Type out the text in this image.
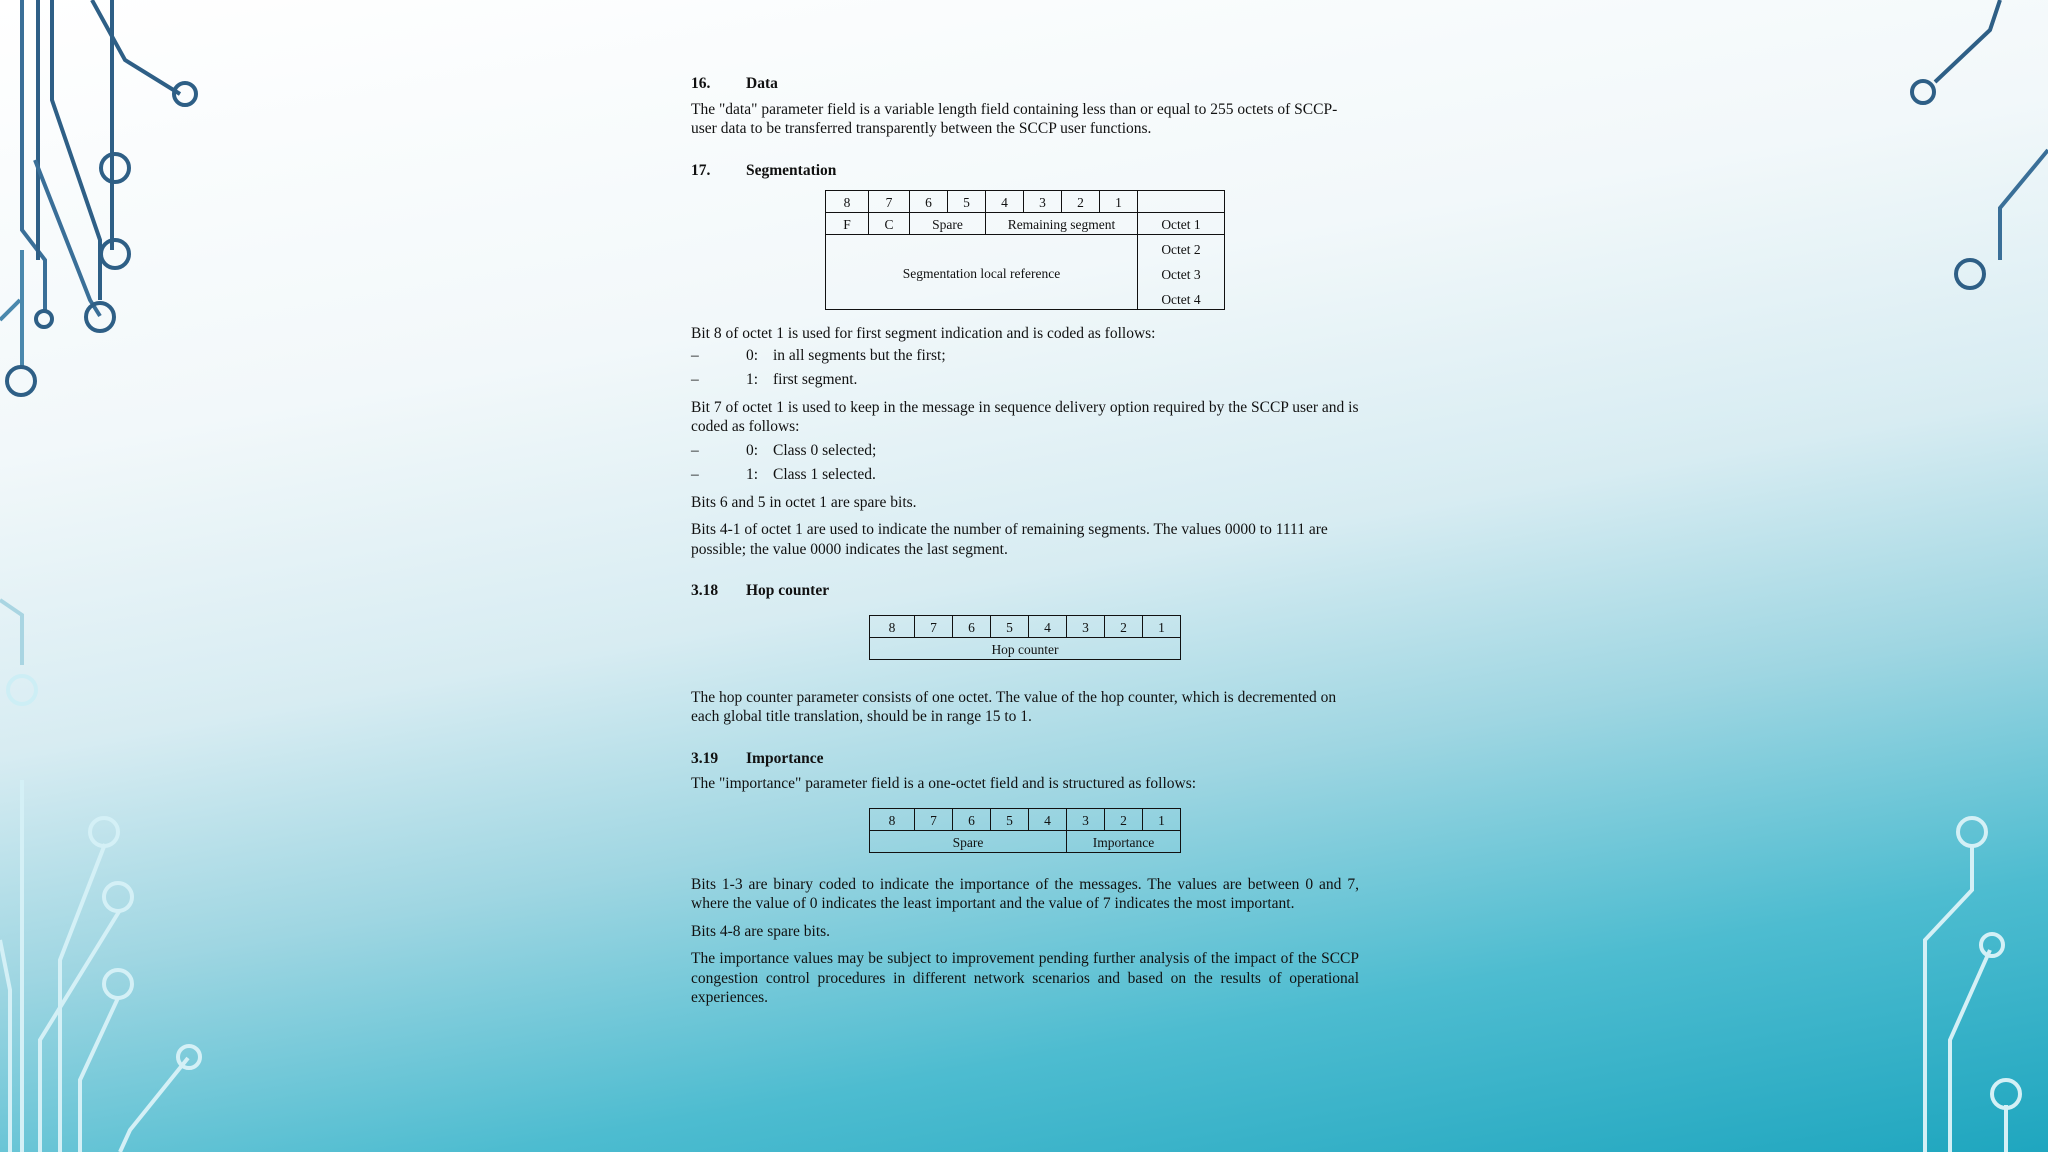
16.	Data

The "data" parameter field is a variable length field containing less than or equal to 255 octets of SCCP-user data to be transferred transparently between the SCCP user functions.

17.	Segmentation
8	7	6	5	4	3	2	1	
F	C	Spare		Remaining segment				Octet 1
Segmentation local reference								Octet 2
								Octet 3
								Octet 4

Bit 8 of octet 1 is used for first segment indication and is coded as follows:

–	0: in all segments but the first;
–	1: first segment.

Bit 7 of octet 1 is used to keep in the message in sequence delivery option required by the SCCP user and is coded as follows:

–	0: Class 0 selected;
–	1: Class 1 selected.

Bits 6 and 5 in octet 1 are spare bits.

Bits 4-1 of octet 1 are used to indicate the number of remaining segments. The values 0000 to 1111 are possible; the value 0000 indicates the last segment.

3.18	Hop counter
8	7	6	5	4	3	2	1
Hop counter

The hop counter parameter consists of one octet. The value of the hop counter, which is decremented on each global title translation, should be in range 15 to 1.

3.19	Importance

The "importance" parameter field is a one-octet field and is structured as follows:

8	7	6	5	4	3	2	1
Spare					Importance		

Bits 1-3 are binary coded to indicate the importance of the messages. The values are between 0 and 7, where the value of 0 indicates the least important and the value of 7 indicates the most important.

Bits 4-8 are spare bits.

The importance values may be subject to improvement pending further analysis of the impact of the SCCP congestion control procedures in different network scenarios and based on the results of operational experiences.
